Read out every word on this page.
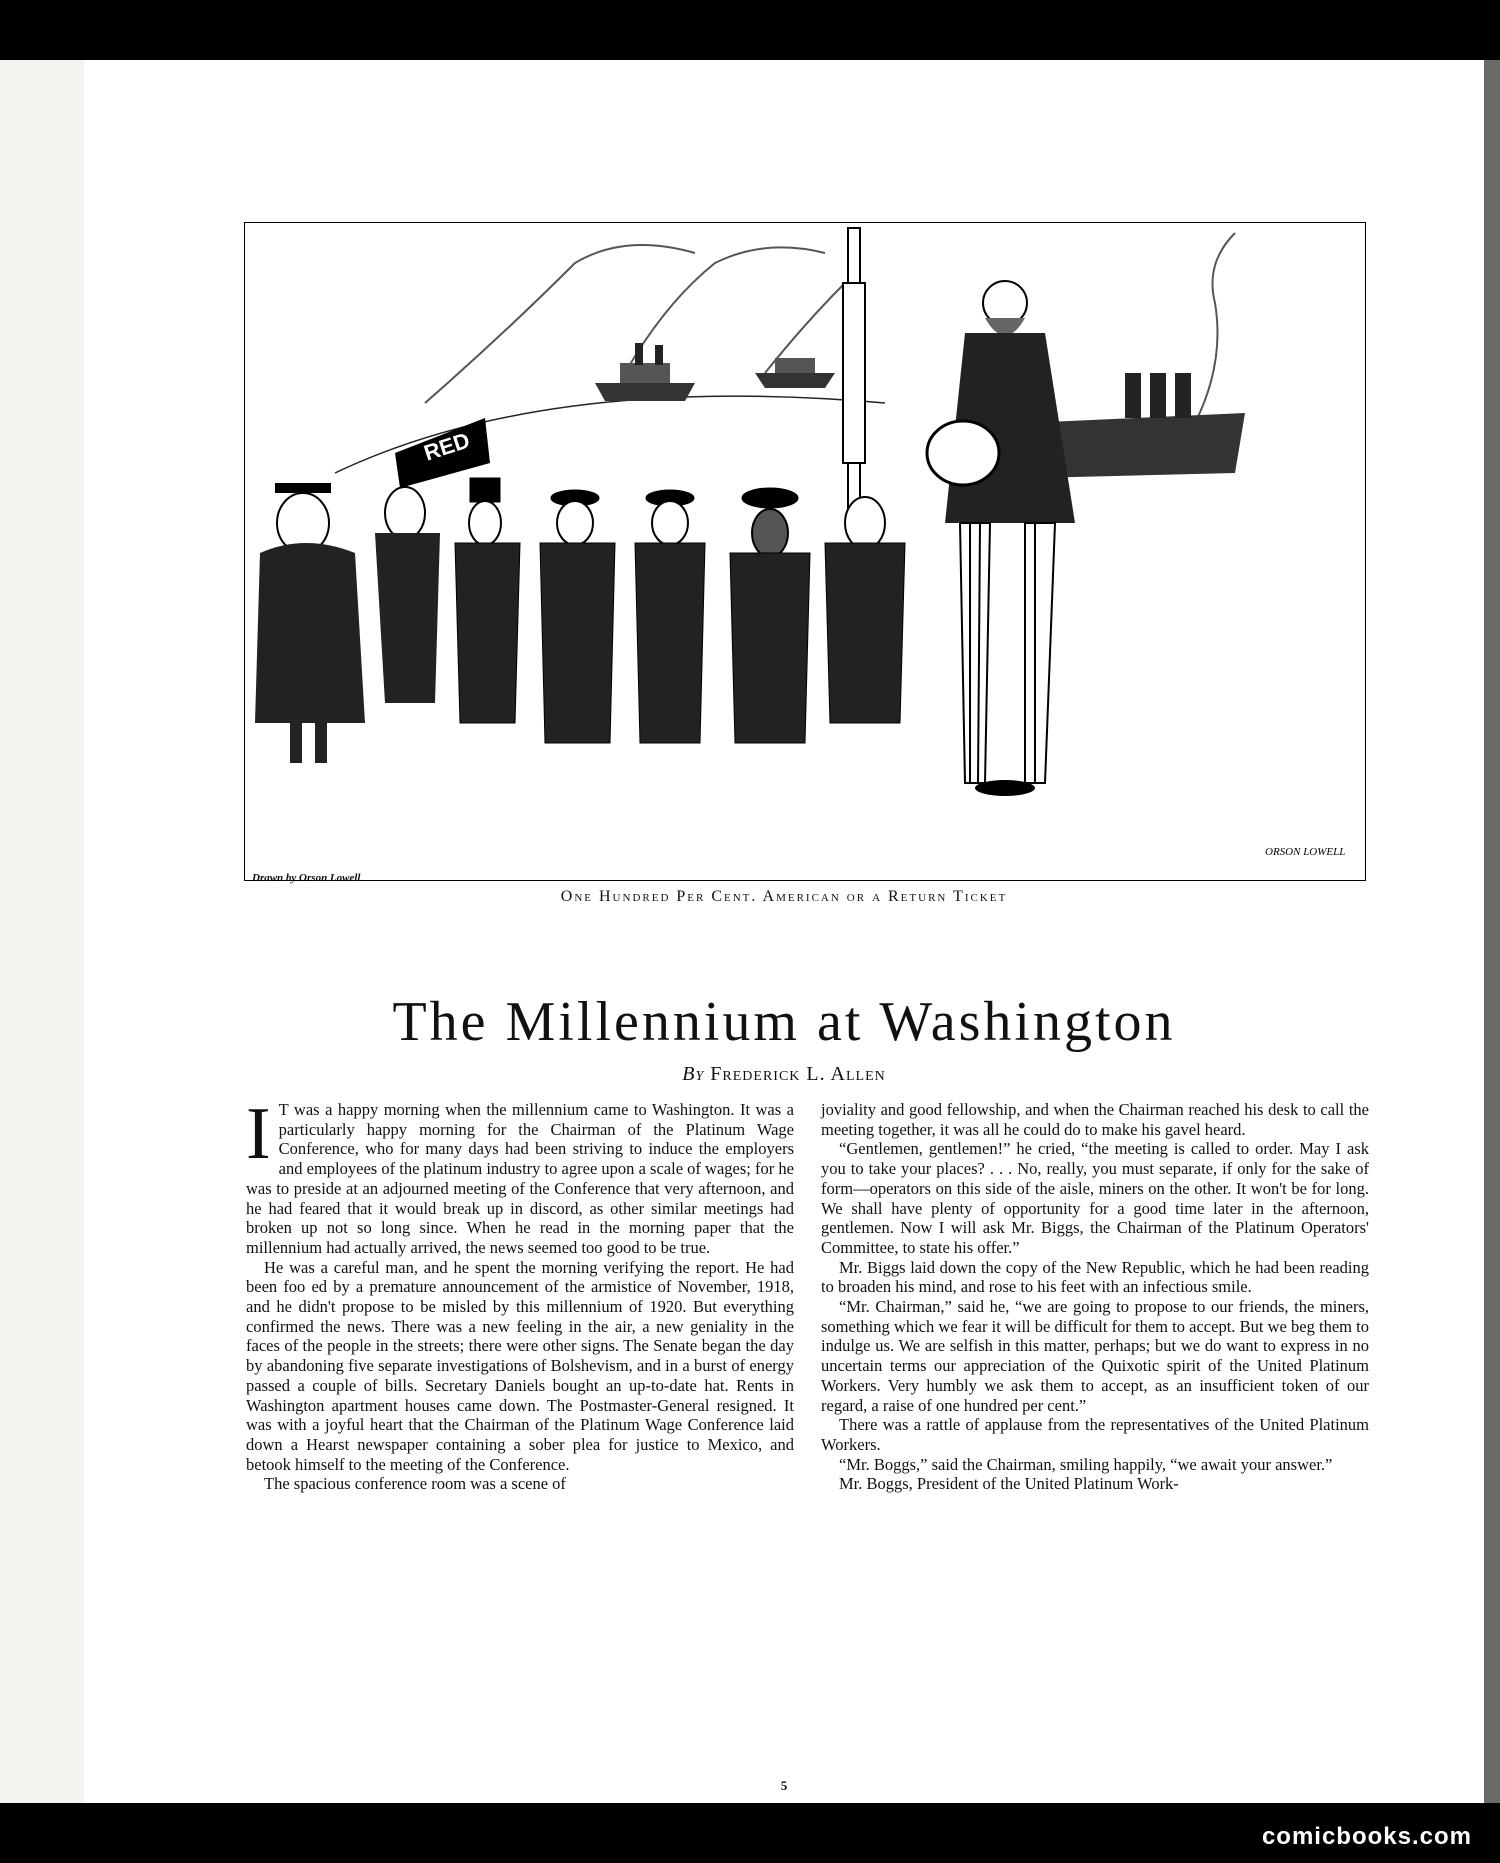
RED
ORSON LOWELL
Drawn by Orson Lowell
One Hundred Per Cent. American or a Return Ticket
The Millennium at Washington
By Frederick L. Allen

I T was a happy morning when the millennium came to Washington. It was a particularly happy morning for the Chairman of the Platinum Wage Conference, who for many days had been striving to induce the employers and employees of the platinum industry to agree upon a scale of wages; for he was to preside at an adjourned meeting of the Conference that very afternoon, and he had feared that it would break up in discord, as other similar meetings had broken up not so long since. When he read in the morning paper that the millennium had actually arrived, the news seemed too good to be true.

He was a careful man, and he spent the morning verifying the report. He had been foo ed by a premature announcement of the armistice of November, 1918, and he didn't propose to be misled by this millennium of 1920. But everything confirmed the news. There was a new feeling in the air, a new geniality in the faces of the people in the streets; there were other signs. The Senate began the day by abandoning five separate investigations of Bolshevism, and in a burst of energy passed a couple of bills. Secretary Daniels bought an up-to-date hat. Rents in Washington apartment houses came down. The Postmaster-General resigned. It was with a joyful heart that the Chairman of the Platinum Wage Conference laid down a Hearst newspaper containing a sober plea for justice to Mexico, and betook himself to the meeting of the Conference.

The spacious conference room was a scene of

joviality and good fellowship, and when the Chairman reached his desk to call the meeting together, it was all he could do to make his gavel heard.

“Gentlemen, gentlemen!” he cried, “the meeting is called to order. May I ask you to take your places? . . . No, really, you must separate, if only for the sake of form—operators on this side of the aisle, miners on the other. It won't be for long. We shall have plenty of opportunity for a good time later in the afternoon, gentlemen. Now I will ask Mr. Biggs, the Chairman of the Platinum Operators' Committee, to state his offer.”

Mr. Biggs laid down the copy of the New Republic, which he had been reading to broaden his mind, and rose to his feet with an infectious smile.

“Mr. Chairman,” said he, “we are going to propose to our friends, the miners, something which we fear it will be difficult for them to accept. But we beg them to indulge us. We are selfish in this matter, perhaps; but we do want to express in no uncertain terms our appreciation of the Quixotic spirit of the United Platinum Workers. Very humbly we ask them to accept, as an insufficient token of our regard, a raise of one hundred per cent.”

There was a rattle of applause from the representatives of the United Platinum Workers.

“Mr. Boggs,” said the Chairman, smiling happily, “we await your answer.”

Mr. Boggs, President of the United Platinum Work-

5
comicbooks.com
